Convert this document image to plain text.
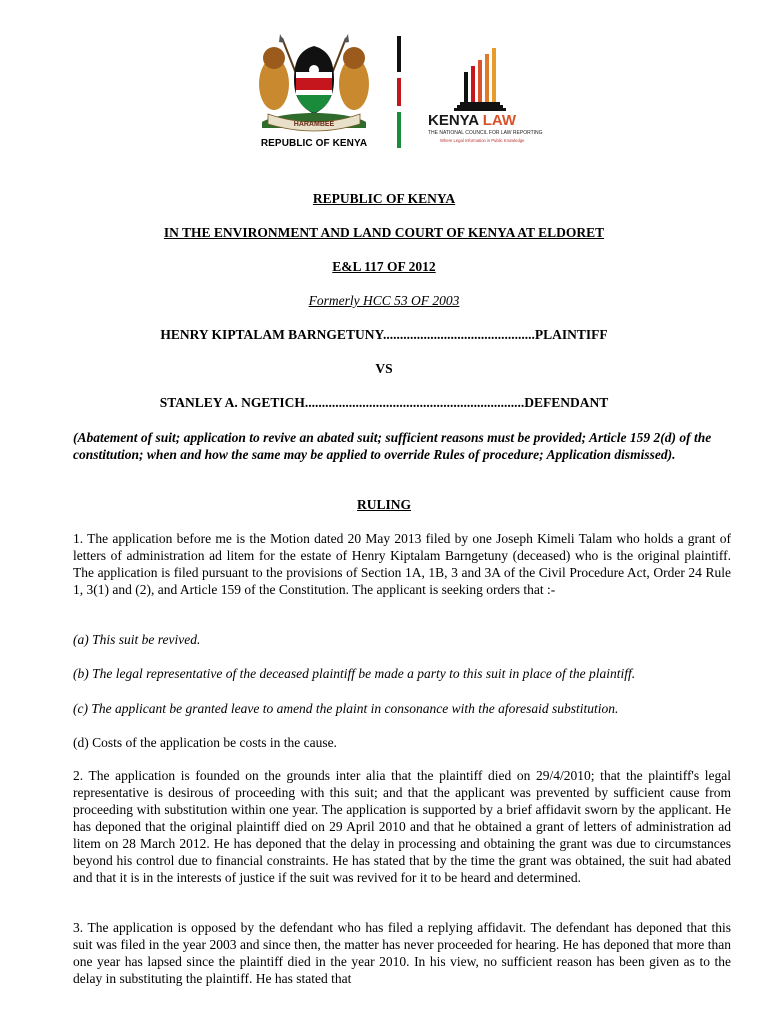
HARAMBEE
REPUBLIC OF KENYA
KENYA LAW
THE NATIONAL COUNCIL FOR LAW REPORTING
Where Legal Information is Public Knowledge
REPUBLIC OF KENYA
IN THE ENVIRONMENT AND LAND COURT OF KENYA AT ELDORET
E&L 117 OF 2012
Formerly HCC 53 OF 2003
HENRY KIPTALAM BARNGETUNY.............................................PLAINTIFF
VS
STANLEY A. NGETICH.................................................................DEFENDANT
(Abatement of suit; application to revive an abated suit; sufficient reasons must be provided; Article 159 2(d) of the constitution; when and how the same may be applied to override Rules of procedure; Application dismissed).
RULING
1. The application before me is the Motion dated 20 May 2013 filed by one Joseph Kimeli Talam who holds a grant of letters of administration ad litem for the estate of Henry Kiptalam Barngetuny (deceased) who is the original plaintiff. The application is filed pursuant to the provisions of Section 1A, 1B, 3 and 3A of the Civil Procedure Act, Order 24 Rule 1, 3(1) and (2), and Article 159 of the Constitution. The applicant is seeking orders that :-
(a) This suit be revived.
(b) The legal representative of the deceased plaintiff be made a party to this suit in place of the plaintiff.
(c) The applicant be granted leave to amend the plaint in consonance with the aforesaid substitution.
(d) Costs of the application be costs in the cause.
2. The application is founded on the grounds inter alia that the plaintiff died on 29/4/2010; that the plaintiff's legal representative is desirous of proceeding with this suit; and that the applicant was prevented by sufficient cause from proceeding with substitution within one year. The application is supported by a brief affidavit sworn by the applicant. He has deponed that the original plaintiff died on 29 April 2010 and that he obtained a grant of letters of administration ad litem on 28 March 2012. He has deponed that the delay in processing and obtaining the grant was due to circumstances beyond his control due to financial constraints. He has stated that by the time the grant was obtained, the suit had abated and that it is in the interests of justice if the suit was revived for it to be heard and determined.
3. The application is opposed by the defendant who has filed a replying affidavit. The defendant has deponed that this suit was filed in the year 2003 and since then, the matter has never proceeded for hearing. He has deponed that more than one year has lapsed since the plaintiff died in the year 2010. In his view, no sufficient reason has been given as to the delay in substituting the plaintiff. He has stated that
